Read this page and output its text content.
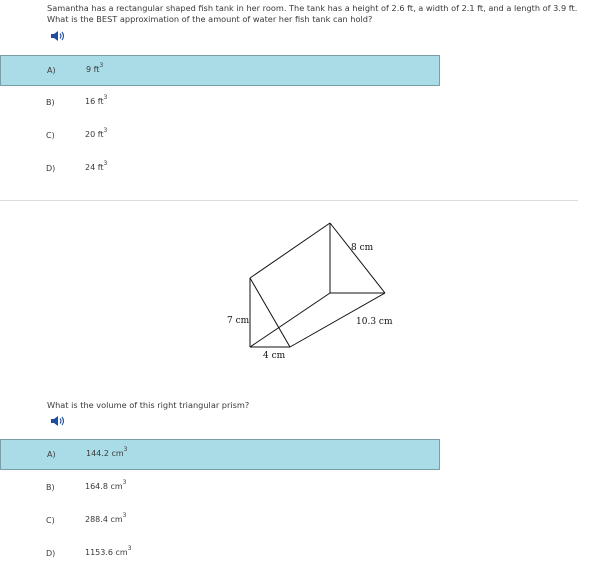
Samantha has a rectangular shaped fish tank in her room. The tank has a height of 2.6 ft, a width of 2.1 ft, and a length of 3.9 ft.
What is the BEST approximation of the amount of water her fish tank can hold?
A)	9 $ft^3$
B)	16 $ft^3$
C)	20 $ft^3$
D)	24 $ft^3$
8 cm
7 cm	10.3 cm
4 cm
What is the volume of this right triangular prism?
A)	144.2 $cm^3$
B)	164.8 $cm^3$
C)	288.4 $cm^3$
D)	1153.6 $cm^3$
